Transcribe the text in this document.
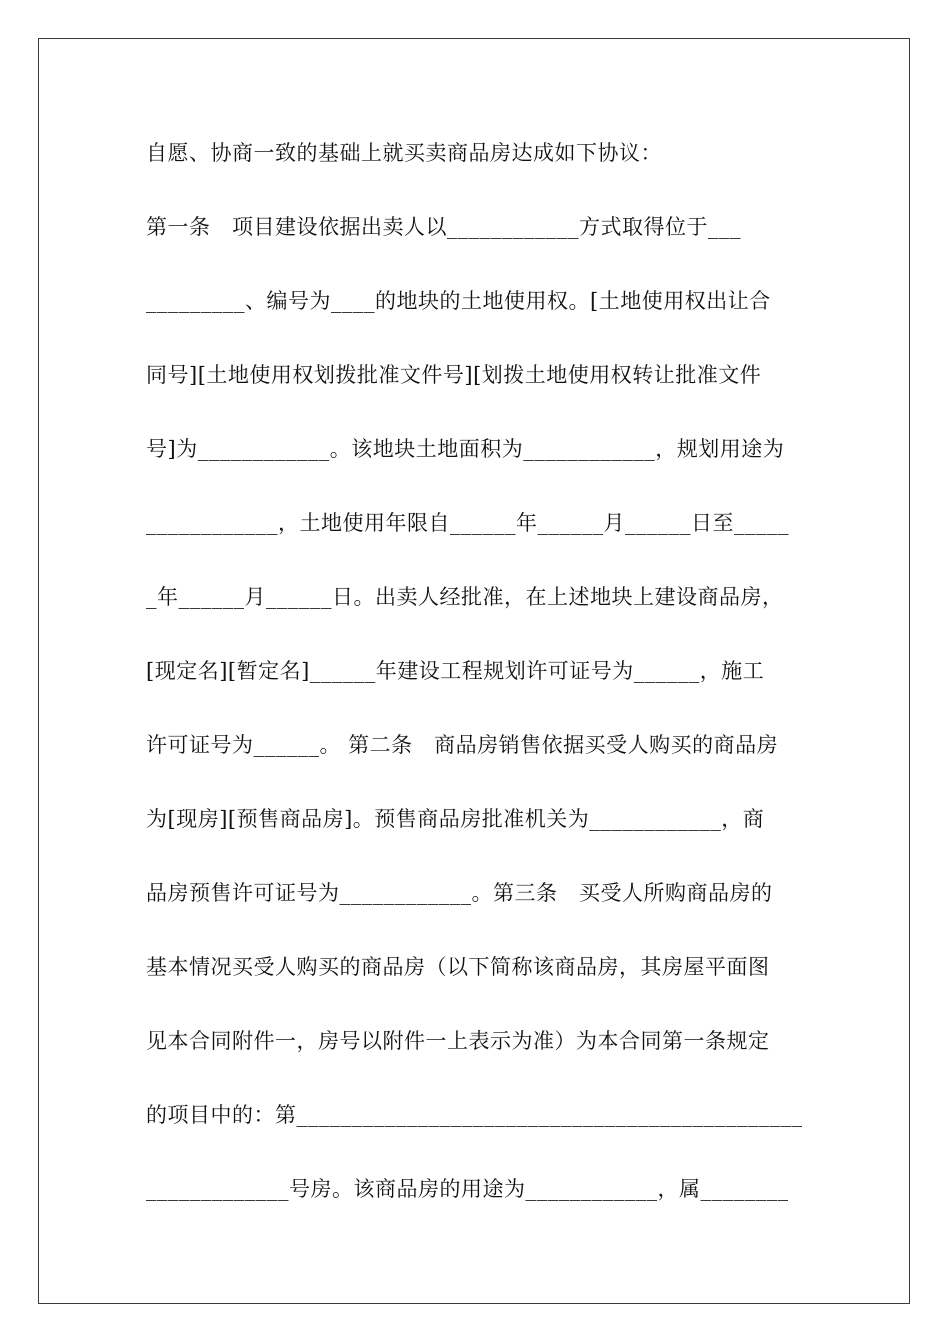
自愿、协商一致的基础上就买卖商品房达成如下协议：
第一条　项目建设依据出卖人以____________方式取得位于___
_________、编号为____的地块的土地使用权。[土地使用权出让合
同号][土地使用权划拨批准文件号][划拨土地使用权转让批准文件
号]为____________。该地块土地面积为____________，规划用途为
____________，土地使用年限自______年______月______日至_____
_年______月______日。出卖人经批准，在上述地块上建设商品房，
[现定名][暂定名]______年建设工程规划许可证号为______，施工
许可证号为______。 第二条　商品房销售依据买受人购买的商品房
为[现房][预售商品房]。预售商品房批准机关为____________，商
品房预售许可证号为____________。第三条　买受人所购商品房的
基本情况买受人购买的商品房（以下简称该商品房，其房屋平面图
见本合同附件一，房号以附件一上表示为准）为本合同第一条规定
的项目中的：第______________________________________________
_____________号房。该商品房的用途为____________，属________
